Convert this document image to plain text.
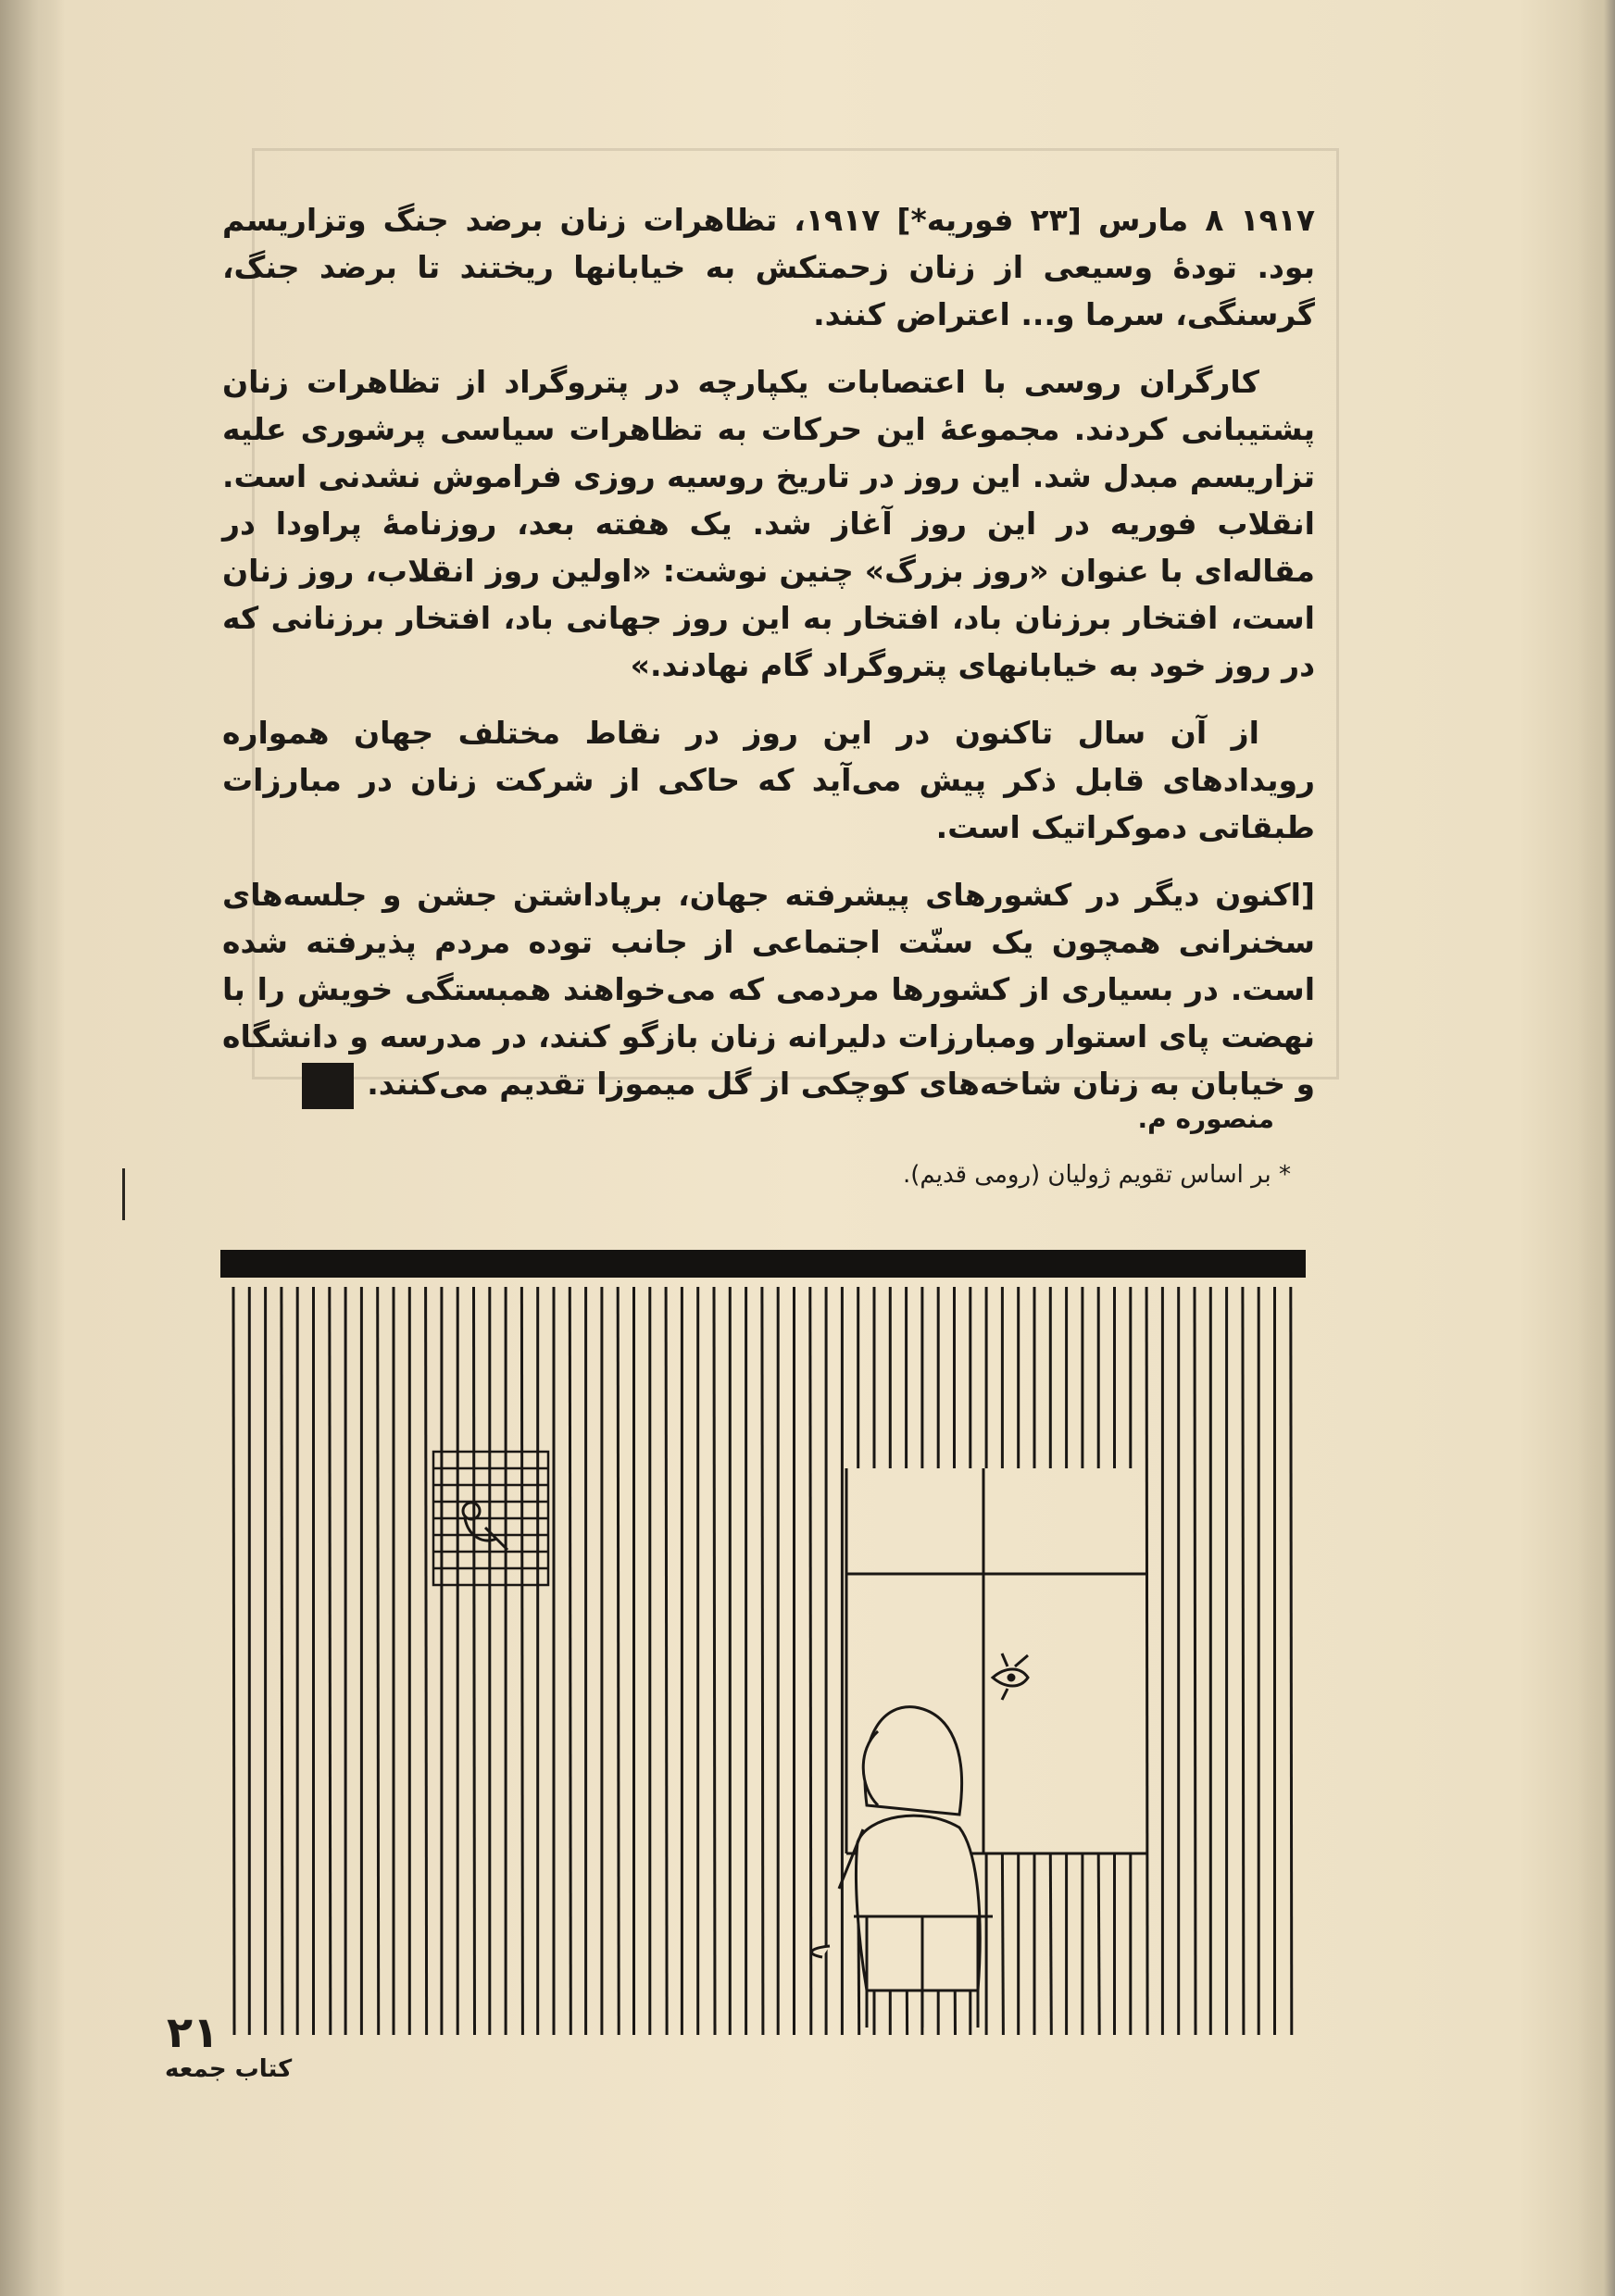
۱۹۱۷ ۸ مارس [۲۳ فوریه*] ۱۹۱۷، تظاهرات زنان برضد جنگ وتزاریسم بود. تودهٔ وسیعی از زنان زحمتکش به خیابانها ریختند تا برضد جنگ، گرسنگی، سرما و... اعتراض کنند.

کارگران روسی با اعتصابات یکپارچه در پتروگراد از تظاهرات زنان پشتیبانی کردند. مجموعهٔ این حرکات به تظاهرات سیاسی پرشوری علیه تزاریسم مبدل شد. این روز در تاریخ روسیه روزی فراموش نشدنی است. انقلاب فوریه در این روز آغاز شد. یک هفته بعد، روزنامهٔ پراودا در مقاله‌ای با عنوان «روز بزرگ» چنین نوشت: «اولین روز انقلاب، روز زنان است، افتخار برزنان باد، افتخار به این روز جهانی باد، افتخار برزنانی که در روز خود به خیابانهای پتروگراد گام نهادند.»

از آن سال تاکنون در این روز در نقاط مختلف جهان همواره رویدادهای قابل ذکر پیش می‌آید که حاکی از شرکت زنان در مبارزات طبقاتی دموکراتیک است.

[اکنون دیگر در کشورهای پیشرفته جهان، برپاداشتن جشن و جلسه‌های سخنرانی همچون یک سنّت اجتماعی از جانب توده مردم پذیرفته شده است. در بسیاری از کشورها مردمی که می‌خواهند همبستگی خویش را با نهضت پای استوار ومبارزات دلیرانه زنان بازگو کنند، در مدرسه و دانشگاه و خیابان به زنان شاخه‌های کوچکی از گل میموزا تقدیم می‌کنند.

منصوره م.
* بر اساس تقویم ژولیان (رومی قدیم).
۲۱
کتاب جمعه
